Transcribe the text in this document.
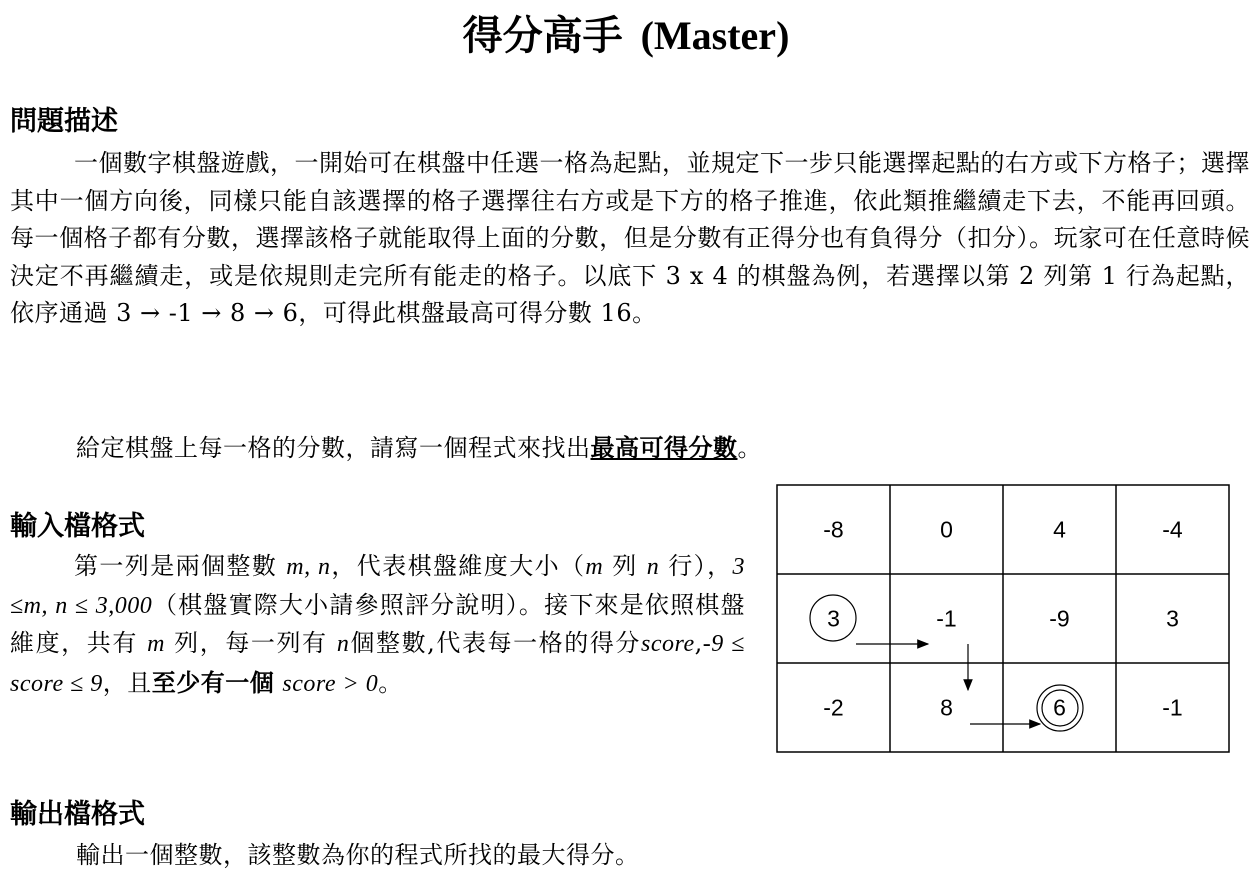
得分高手 (Master)
問題描述

一個數字棋盤遊戲，一開始可在棋盤中任選一格為起點，並規定下一步只能選擇起點的右方或下方格子；選擇其中一個方向後，同樣只能自該選擇的格子選擇往右方或是下方的格子推進，依此類推繼續走下去，不能再回頭。每一個格子都有分數，選擇該格子就能取得上面的分數，但是分數有正得分也有負得分（扣分）。玩家可在任意時候決定不再繼續走，或是依規則走完所有能走的格子。以底下 3 x 4 的棋盤為例，若選擇以第 2 列第 1 行為起點，依序通過 3 → -1 → 8 → 6，可得此棋盤最高可得分數 16。

給定棋盤上每一格的分數，請寫一個程式來找出最高可得分數。
輸入檔格式

第一列是兩個整數 m, n，代表棋盤維度大小（m 列 n 行），3 ≤m, n ≤ 3,000（棋盤實際大小請參照評分說明）。接下來是依照棋盤維度，共有 m 列，每一列有 n個整數,代表每一格的得分score,-9 ≤ score ≤ 9，且至少有一個 score > 0。

輸出檔格式
輸出一個整數，該整數為你的程式所找的最大得分。
-8	0	4	-4
3	-1	-9	3
-2	8	6	-1
